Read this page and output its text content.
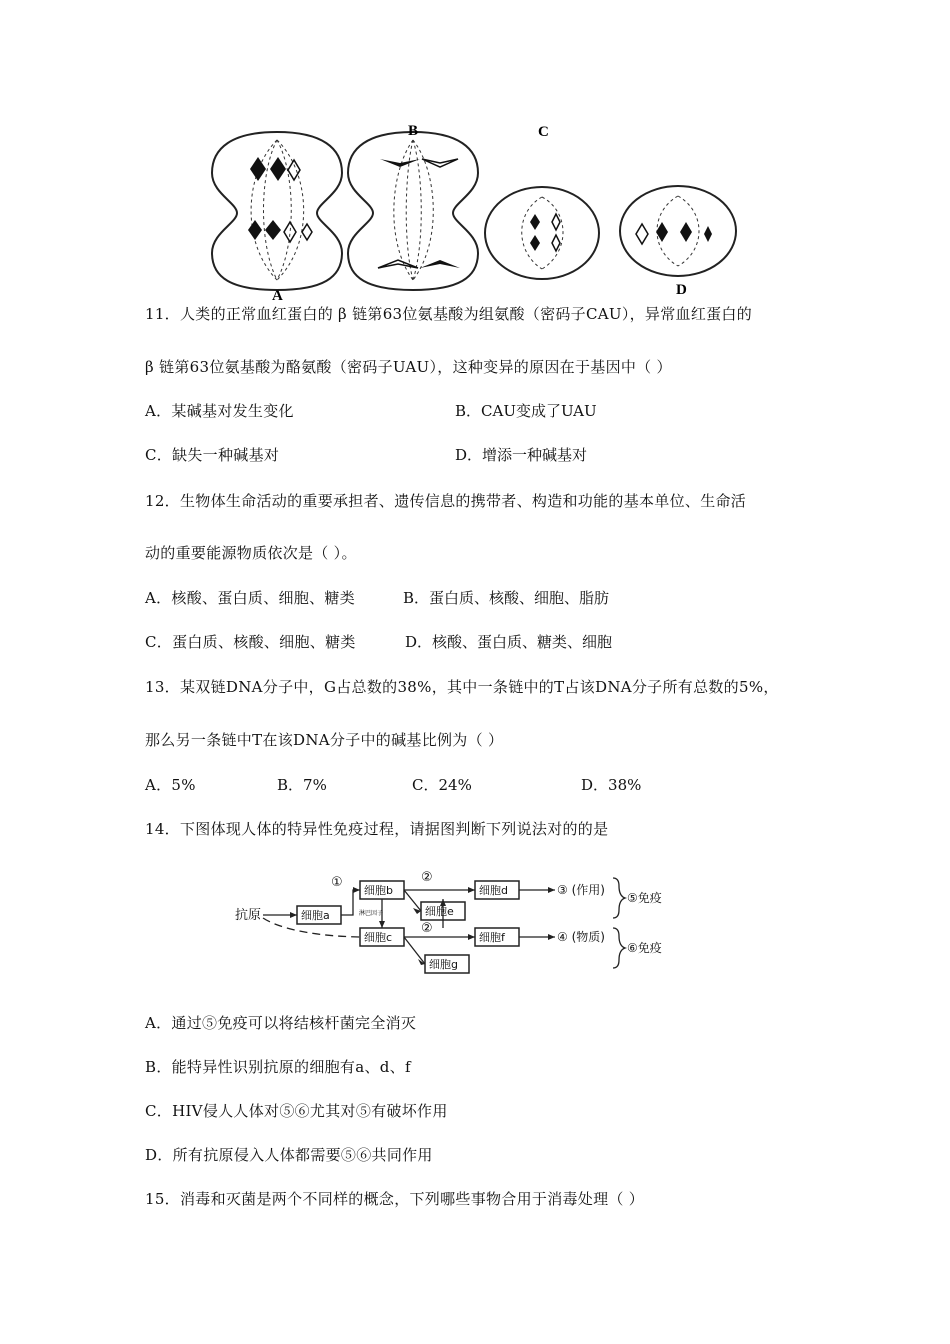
A
B	C
D
11．人类的正常血红蛋白的 β 链第63位氨基酸为组氨酸（密码子CAU），异常血红蛋白的
β 链第63位氨基酸为酪氨酸（密码子UAU），这种变异的原因在于基因中（ ）
A．某碱基对发生变化	B．CAU变成了UAU
C．缺失一种碱基对	D．增添一种碱基对
12．生物体生命活动的重要承担者、遗传信息的携带者、构造和功能的基本单位、生命活
动的重要能源物质依次是（ ）。
A．核酸、蛋白质、细胞、糖类	B．蛋白质、核酸、细胞、脂肪
C．蛋白质、核酸、细胞、糖类	D．核酸、蛋白质、糖类、细胞
13．某双链DNA分子中，G占总数的38%，其中一条链中的T占该DNA分子所有总数的5%，
那么另一条链中T在该DNA分子中的碱基比例为（ ）
A．5%	B．7%	C．24%	D．38%
14．下图体现人体的特异性免疫过程，请据图判断下列说法对的的是
抗原	细胞a
细胞b	细胞d
细胞e
细胞c	细胞f
细胞g
①	②
②
淋巴因子
③ (作用)
④ (物质)
⑤免疫
⑥免疫
A．通过⑤免疫可以将结核杆菌完全消灭
B．能特异性识别抗原的细胞有a、d、f
C．HIV侵人人体对⑤⑥尤其对⑤有破坏作用
D．所有抗原侵入人体都需要⑤⑥共同作用
15．消毒和灭菌是两个不同样的概念，下列哪些事物合用于消毒处理（ ）
